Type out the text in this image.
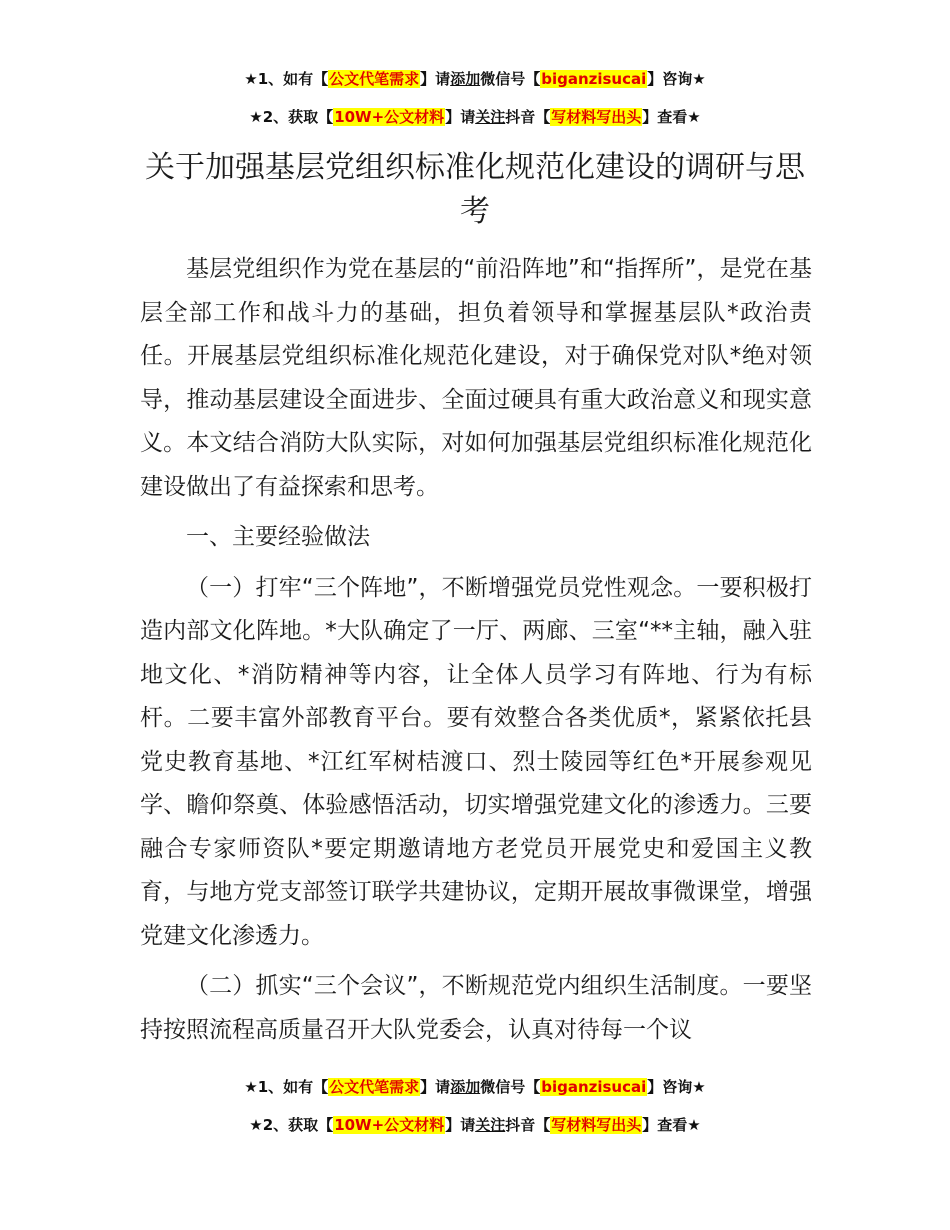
★1、如有【公文代笔需求】请添加微信号【biganzisucai】咨询★
★2、获取【10W+公文材料】请关注抖音【写材料写出头】查看★
关于加强基层党组织标准化规范化建设的调研与思考

基层党组织作为党在基层的“前沿阵地”和“指挥所”，是党在基层全部工作和战斗力的基础，担负着领导和掌握基层队*政治责任。开展基层党组织标准化规范化建设，对于确保党对队*绝对领导，推动基层建设全面进步、全面过硬具有重大政治意义和现实意义。本文结合消防大队实际，对如何加强基层党组织标准化规范化建设做出了有益探索和思考。

一、主要经验做法

（一）打牢“三个阵地”，不断增强党员党性观念。一要积极打造内部文化阵地。*大队确定了一厅、两廊、三室“**主轴，融入驻地文化、*消防精神等内容，让全体人员学习有阵地、行为有标杆。二要丰富外部教育平台。要有效整合各类优质*，紧紧依托县党史教育基地、*江红军树桔渡口、烈士陵园等红色*开展参观见学、瞻仰祭奠、体验感悟活动，切实增强党建文化的渗透力。三要融合专家师资队*要定期邀请地方老党员开展党史和爱国主义教育，与地方党支部签订联学共建协议，定期开展故事微课堂，增强党建文化渗透力。

（二）抓实“三个会议”，不断规范党内组织生活制度。一要坚持按照流程高质量召开大队党委会，认真对待每一个议

★1、如有【公文代笔需求】请添加微信号【biganzisucai】咨询★
★2、获取【10W+公文材料】请关注抖音【写材料写出头】查看★
